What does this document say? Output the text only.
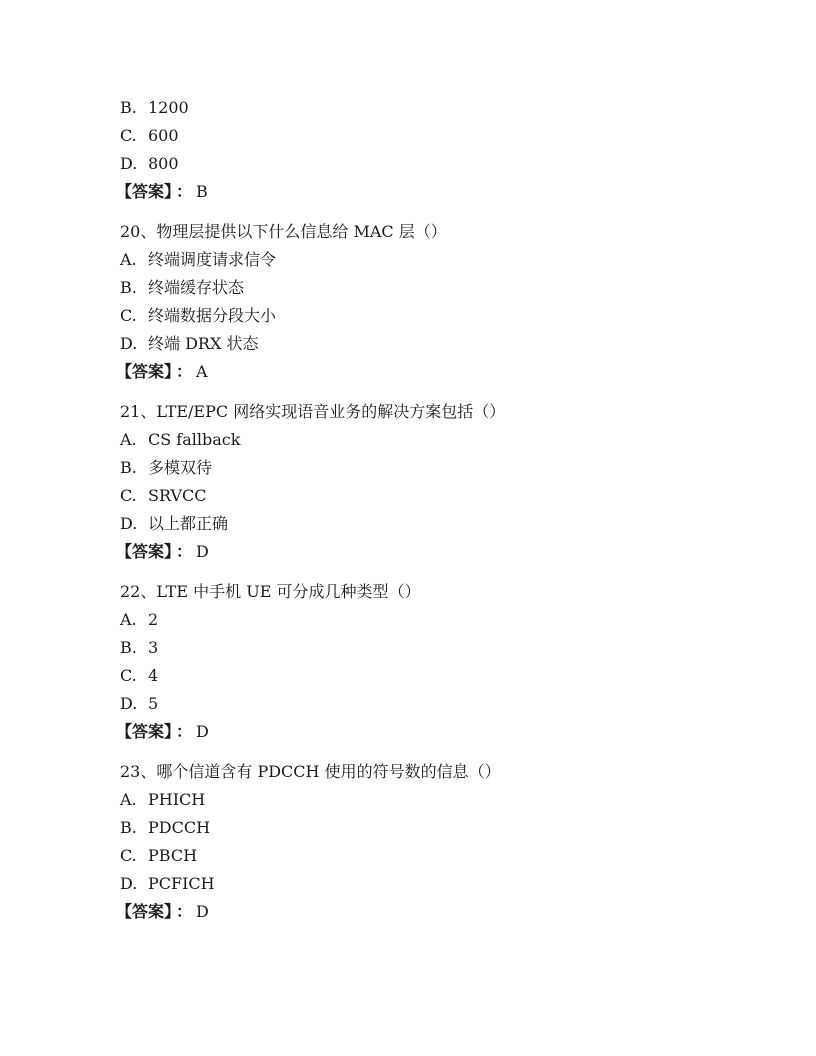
B. 1200
C. 600
D. 800
【答案】 ： B
20、物理层提供以下什么信息给 MAC 层（）
A. 终端调度请求信令
B. 终端缓存状态
C. 终端数据分段大小
D. 终端 DRX 状态
【答案】 ： A
21、LTE/EPC 网络实现语音业务的解决方案包括（）
A. CS fallback
B. 多模双待
C. SRVCC
D. 以上都正确
【答案】 ： D
22、LTE 中手机 UE 可分成几种类型（）
A. 2
B. 3
C. 4
D. 5
【答案】 ： D
23、哪个信道含有 PDCCH 使用的符号数的信息（）
A. PHICH
B. PDCCH
C. PBCH
D. PCFICH
【答案】 ： D
